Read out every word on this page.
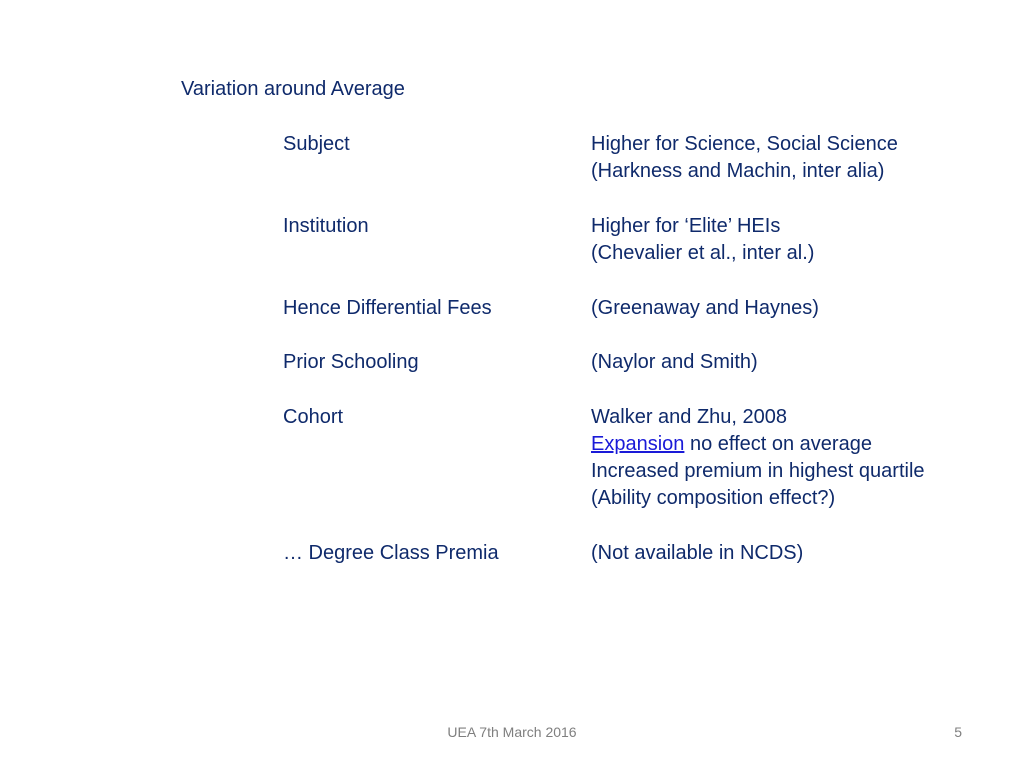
Variation around Average
Subject	Higher for Science, Social Science
(Harkness and Machin, inter alia)
Institution	Higher for ‘Elite’ HEIs
(Chevalier et al., inter al.)
Hence Differential Fees	(Greenaway and Haynes)
Prior Schooling	(Naylor and Smith)
Cohort	Walker and Zhu, 2008
Expansion no effect on average
Increased premium in highest quartile
(Ability composition effect?)
… Degree Class Premia	(Not available in NCDS)
UEA 7th March 2016	5
